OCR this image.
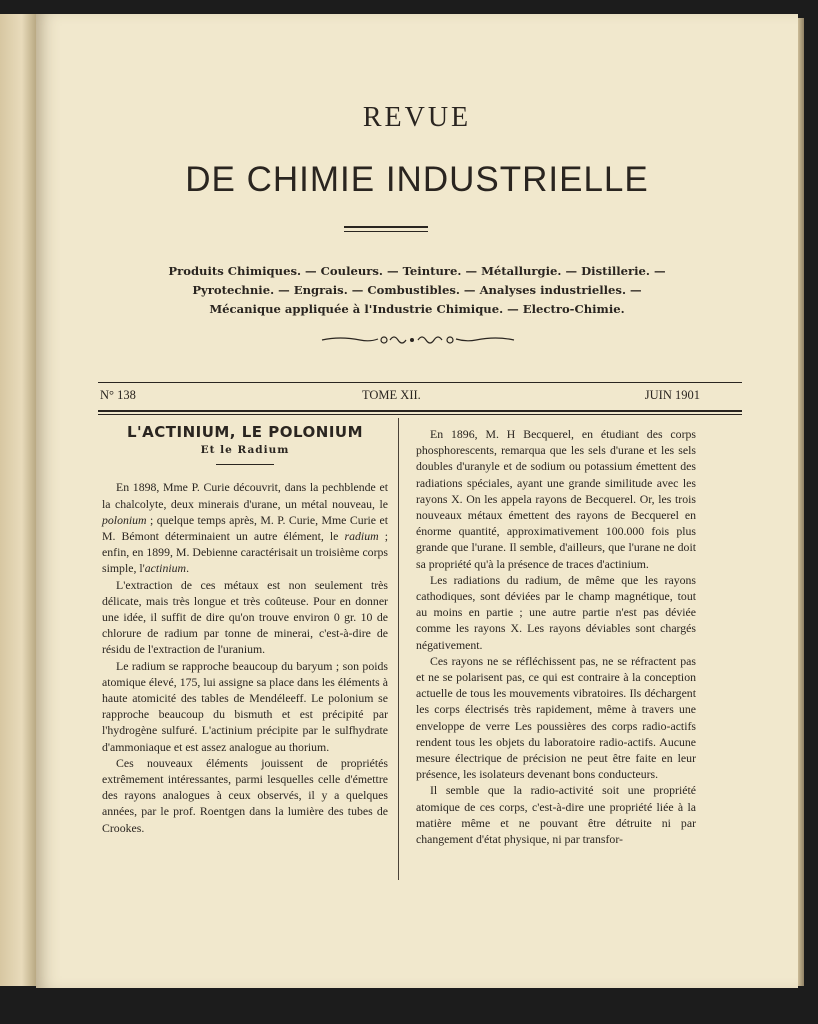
REVUE
DE CHIMIE INDUSTRIELLE
Produits Chimiques. — Couleurs. — Teinture. — Métallurgie. — Distillerie. —
Pyrotechnie. — Engrais. — Combustibles. — Analyses industrielles. —
Mécanique appliquée à l'Industrie Chimique. — Electro-Chimie.
N° 138	TOME XII.	JUIN 1901
L'ACTINIUM, LE POLONIUM
Et le Radium

En 1898, Mme P. Curie découvrit, dans la pechblende et la chalcolyte, deux minerais d'urane, un métal nouveau, le polonium ; quelque temps après, M. P. Curie, Mme Curie et M. Bémont déterminaient un autre élément, le radium ; enfin, en 1899, M. Debienne caractérisait un troisième corps simple, l'actinium.

L'extraction de ces métaux est non seulement très délicate, mais très longue et très coûteuse. Pour en donner une idée, il suffit de dire qu'on trouve environ 0 gr. 10 de chlorure de radium par tonne de minerai, c'est-à-dire de résidu de l'extraction de l'uranium.

Le radium se rapproche beaucoup du baryum ; son poids atomique élevé, 175, lui assigne sa place dans les éléments à haute atomicité des tables de Mendéleeff. Le polonium se rapproche beaucoup du bismuth et est précipité par l'hydrogène sulfuré. L'actinium précipite par le sulfhydrate d'ammoniaque et est assez analogue au thorium.

Ces nouveaux éléments jouissent de propriétés extrêmement intéressantes, parmi lesquelles celle d'émettre des rayons analogues à ceux observés, il y a quelques années, par le prof. Roentgen dans la lumière des tubes de Crookes.

En 1896, M. H Becquerel, en étudiant des corps phosphorescents, remarqua que les sels d'urane et les sels doubles d'uranyle et de sodium ou potassium émettent des radiations spéciales, ayant une grande similitude avec les rayons X. On les appela rayons de Becquerel. Or, les trois nouveaux métaux émettent des rayons de Becquerel en énorme quantité, approximativement 100.000 fois plus grande que l'urane. Il semble, d'ailleurs, que l'urane ne doit sa propriété qu'à la présence de traces d'actinium.

Les radiations du radium, de même que les rayons cathodiques, sont déviées par le champ magnétique, tout au moins en partie ; une autre partie n'est pas déviée comme les rayons X. Les rayons déviables sont chargés négativement.

Ces rayons ne se réfléchissent pas, ne se réfractent pas et ne se polarisent pas, ce qui est contraire à la conception actuelle de tous les mouvements vibratoires. Ils déchargent les corps électrisés très rapidement, même à travers une enveloppe de verre Les poussières des corps radio-actifs rendent tous les objets du laboratoire radio-actifs. Aucune mesure électrique de précision ne peut être faite en leur présence, les isolateurs devenant bons conducteurs.

Il semble que la radio-activité soit une propriété atomique de ces corps, c'est-à-dire une propriété liée à la matière même et ne pouvant être détruite ni par changement d'état physique, ni par transfor-
